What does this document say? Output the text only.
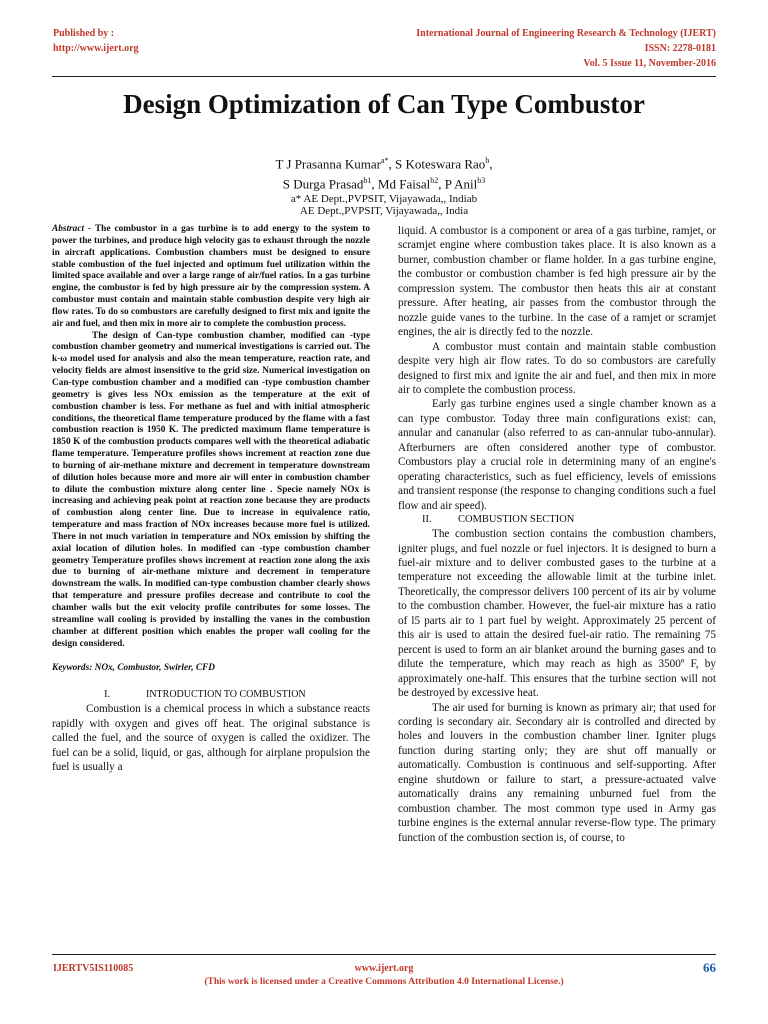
Published by :
http://www.ijert.org
International Journal of Engineering Research & Technology (IJERT)
ISSN: 2278-0181
Vol. 5 Issue 11, November-2016
Design Optimization of Can Type Combustor
T J Prasanna Kumar$^{a*}$, S Koteswara Rao$^b$,
S Durga Prasad$^{b1}$, Md Faisal$^{b2}$, P Anil$^{b3}$
a* AE Dept.,PVPSIT, Vijayawada,, Indiab
AE Dept.,PVPSIT, Vijayawada,, India

Abstract - The combustor in a gas turbine is to add energy to the system to power the turbines, and produce high velocity gas to exhaust through the nozzle in aircraft applications. Combustion chambers must be designed to ensure stable combustion of the fuel injected and optimum fuel utilization within the limited space available and over a large range of air/fuel ratios. In a gas turbine engine, the combustor is fed by high pressure air by the compression system. A combustor must contain and maintain stable combustion despite very high air flow rates. To do so combustors are carefully designed to first mix and ignite the air and fuel, and then mix in more air to complete the combustion process.

The design of Can-type combustion chamber, modified can -type combustion chamber geometry and numerical investigations is carried out. The k-ω model used for analysis and also the mean temperature, reaction rate, and velocity fields are almost insensitive to the grid size. Numerical investigation on Can-type combustion chamber and a modified can -type combustion chamber geometry is gives less NOx emission as the temperature at the exit of combustion chamber is less. For methane as fuel and with initial atmospheric conditions, the theoretical flame temperature produced by the flame with a fast combustion reaction is 1950 K. The predicted maximum flame temperature is 1850 K of the combustion products compares well with the theoretical adiabatic flame temperature. Temperature profiles shows increment at reaction zone due to burning of air-methane mixture and decrement in temperature downstream of dilution holes because more and more air will enter in combustion chamber to dilute the combustion mixture along center line . Specie namely NOx is increasing and achieving peak point at reaction zone because they are products of combustion along center line. Due to increase in equivalence ratio, temperature and mass fraction of NOx increases because more fuel is utilized. There in not much variation in temperature and NOx emission by shifting the axial location of dilution holes. In modified can -type combustion chamber geometry Temperature profiles shows increment at reaction zone along the axis due to burning of air-methane mixture and decrement in temperature downstream the walls. In modified can-type combustion chamber clearly shows that temperature and pressure profiles decrease and contribute to cool the chamber walls but the exit velocity profile contributes for some losses. The streamline wall cooling is provided by installing the vanes in the combustion chamber at different position which enables the proper wall cooling for the design considered.

Keywords: NOx, Combustor, Swirler, CFD

I.	INTRODUCTION TO COMBUSTION

Combustion is a chemical process in which a substance reacts rapidly with oxygen and gives off heat. The original substance is called the fuel, and the source of oxygen is called the oxidizer. The fuel can be a solid, liquid, or gas, although for airplane propulsion the fuel is usually a

liquid. A combustor is a component or area of a gas turbine, ramjet, or scramjet engine where combustion takes place. It is also known as a burner, combustion chamber or flame holder. In a gas turbine engine, the combustor or combustion chamber is fed high pressure air by the compression system. The combustor then heats this air at constant pressure. After heating, air passes from the combustor through the nozzle guide vanes to the turbine. In the case of a ramjet or scramjet engines, the air is directly fed to the nozzle.

A combustor must contain and maintain stable combustion despite very high air flow rates. To do so combustors are carefully designed to first mix and ignite the air and fuel, and then mix in more air to complete the combustion process.

Early gas turbine engines used a single chamber known as a can type combustor. Today three main configurations exist: can, annular and cananular (also referred to as can-annular tubo-annular). Afterburners are often considered another type of combustor. Combustors play a crucial role in determining many of an engine's operating characteristics, such as fuel efficiency, levels of emissions and transient response (the response to changing conditions such a fuel flow and air speed).

II.	COMBUSTION SECTION

The combustion section contains the combustion chambers, igniter plugs, and fuel nozzle or fuel injectors. It is designed to burn a fuel-air mixture and to deliver combusted gases to the turbine at a temperature not exceeding the allowable limit at the turbine inlet. Theoretically, the compressor delivers 100 percent of its air by volume to the combustion chamber. However, the fuel-air mixture has a ratio of l5 parts air to 1 part fuel by weight. Approximately 25 percent of this air is used to attain the desired fuel-air ratio. The remaining 75 percent is used to form an air blanket around the burning gases and to dilute the temperature, which may reach as high as 3500º F, by approximately one-half. This ensures that the turbine section will not be destroyed by excessive heat.

The air used for burning is known as primary air; that used for cording is secondary air. Secondary air is controlled and directed by holes and louvers in the combustion chamber liner. Igniter plugs function during starting only; they are shut off manually or automatically. Combustion is continuous and self-supporting. After engine shutdown or failure to start, a pressure-actuated valve automatically drains any remaining unburned fuel from the combustion chamber. The most common type used in Army gas turbine engines is the external annular reverse-flow type. The primary function of the combustion section is, of course, to

IJERTV5IS110085	www.ijert.org
(This work is licensed under a Creative Commons Attribution 4.0 International License.)
66
